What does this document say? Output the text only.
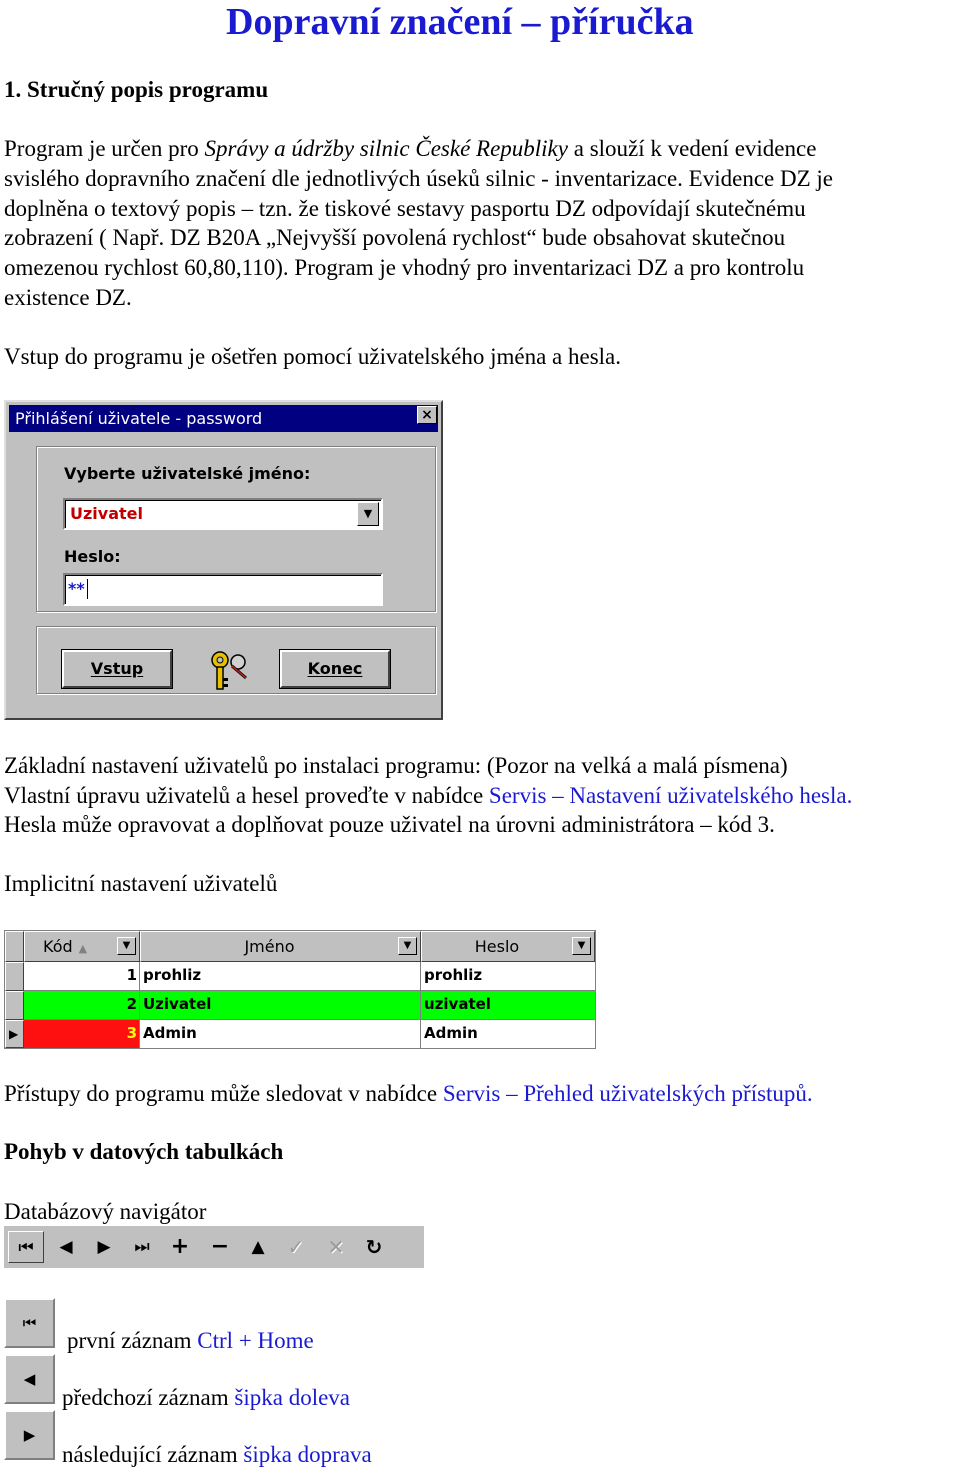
Dopravní značení – příručka
1. Stručný popis programu
Program je určen pro Správy a údržby silnic České Republiky a slouží k vedení evidence
svislého dopravního značení dle jednotlivých úseků silnic - inventarizace. Evidence DZ je
doplněna o textový popis – tzn. že tiskové sestavy pasportu DZ odpovídají skutečnému
zobrazení ( Např. DZ B20A „Nejvyšší povolená rychlost“ bude obsahovat skutečnou
omezenou rychlost 60,80,110). Program je vhodný pro inventarizaci DZ a pro kontrolu
existence DZ.
Vstup do programu je ošetřen pomocí uživatelského jména a hesla.
Přihlášení uživatele - password	×
Vyberte uživatelské jméno:
Uzivatel	▼
Heslo:
**
Vstup	Konec
Základní nastavení uživatelů po instalaci programu: (Pozor na velká a malá písmena)
Vlastní úpravu uživatelů a hesel proveďte v nabídce Servis – Nastavení uživatelského hesla.
Hesla může opravovat a doplňovat pouze uživatel na úrovni administrátora – kód 3.
Implicitní nastavení uživatelů
Kód ▲	▼	Jméno	▼	Heslo	▼
1 prohliz	prohliz
2 Uzivatel	uzivatel
▶	3 Admin	Admin
Přístupy do programu může sledovat v nabídce Servis – Přehled uživatelských přístupů.
Pohyb v datových tabulkách
Databázový navigátor
⏮	◀	▶	⏭ + −	▲	✓	✕	↻
⏮
první záznam Ctrl + Home
◀
předchozí záznam šipka doleva
▶
následující záznam šipka doprava
